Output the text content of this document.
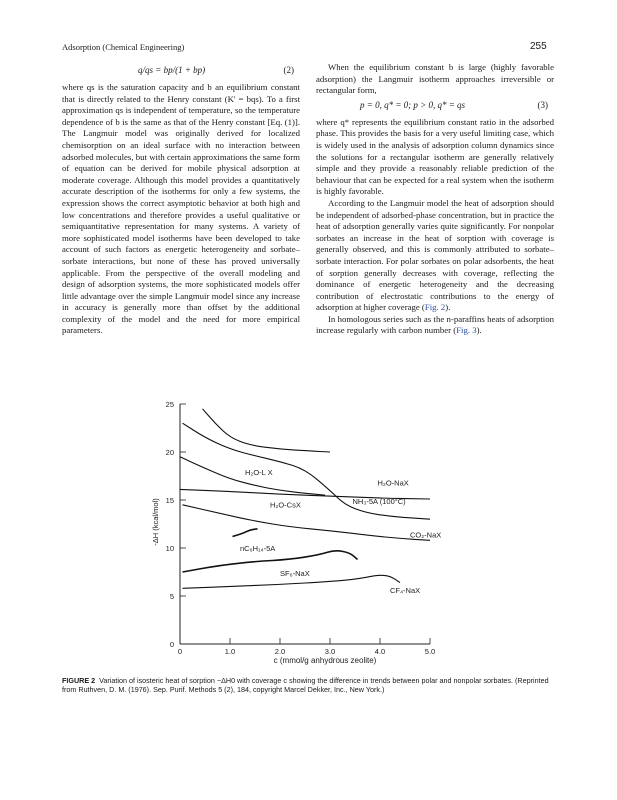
Adsorption (Chemical Engineering)	255
q/qs = bp/(1 + bp)	(2)

where qs is the saturation capacity and b an equilibrium constant that is directly related to the Henry constant (K' = bqs). To a first approximation qs is independent of temperature, so the temperature dependence of b is the same as that of the Henry constant [Eq. (1)]. The Langmuir model was originally derived for localized chemisorption on an ideal surface with no interaction between adsorbed molecules, but with certain approximations the same form of equation can be derived for mobile physical adsorption at moderate coverage. Although this model provides a quantitatively accurate description of the isotherms for only a few systems, the expression shows the correct asymptotic behavior at both high and low concentrations and therefore provides a useful qualitative or semiquantitative representation for many systems. A variety of more sophisticated model isotherms have been developed to take account of such factors as energetic heterogeneity and sorbate–sorbate interactions, but none of these has proved universally applicable. From the perspective of the overall modeling and design of adsorption systems, the more sophisticated models offer little advantage over the simple Langmuir model since any increase in accuracy is generally more than offset by the additional complexity of the model and the need for more empirical parameters.

When the equilibrium constant b is large (highly favorable adsorption) the Langmuir isotherm approaches irreversible or rectangular form,

p = 0, q* = 0; p > 0, q* = qs	(3)

where q* represents the equilibrium constant ratio in the adsorbed phase. This provides the basis for a very useful limiting case, which is widely used in the analysis of adsorption column dynamics since the solutions for a rectangular isotherm are generally relatively simple and they provide a reasonably reliable prediction of the behaviour that can be expected for a real system when the isotherm is highly favorable.

According to the Langmuir model the heat of adsorption should be independent of adsorbed-phase concentration, but in practice the heat of adsorption generally varies quite significantly. For nonpolar sorbates an increase in the heat of sorption with coverage is generally observed, and this is commonly attributed to sorbate–sorbate interaction. For polar sorbates on polar adsorbents, the heat of sorption generally decreases with coverage, reflecting the dominance of energetic heterogeneity and the decreasing contribution of electrostatic contributions to the energy of adsorption at higher coverage (Fig. 2).

In homologous series such as the n-paraffins heats of adsorption increase regularly with carbon number (Fig. 3).

0	1.0	2.0	3.0	4.0	5.0
0
5
10
15
20
25
H₂O-L X
H₂O-CsX
H₂O-NaX
NH₃-5A (100°C)
CO₂-NaX
nC₆H₁₄-5A
SF₆-NaX
CF₄-NaX
c (mmol/g anhydrous zeolite)
-ΔH (kcal/mol)
FIGURE 2 Variation of isosteric heat of sorption −ΔH0 with coverage c showing the difference in trends between polar and nonpolar sorbates. (Reprinted from Ruthven, D. M. (1976). Sep. Purif. Methods 5 (2), 184, copyright Marcel Dekker, Inc., New York.)
